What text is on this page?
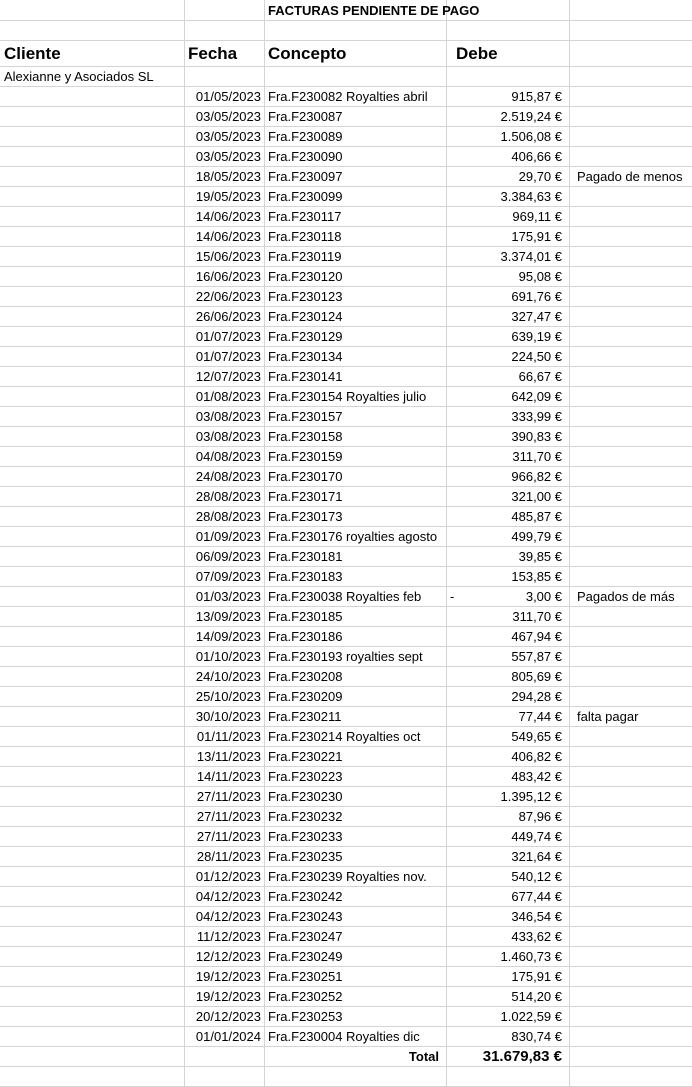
FACTURAS PENDIENTE DE PAGO
Cliente	Fecha	Concepto	Debe
Alexianne y Asociados SL
01/05/2023 Fra.F230082 Royalties abril	915,87 €
03/05/2023 Fra.F230087	2.519,24 €
03/05/2023 Fra.F230089	1.506,08 €
03/05/2023 Fra.F230090	406,66 €
18/05/2023 Fra.F230097	29,70 €	Pagado de menos
19/05/2023 Fra.F230099	3.384,63 €
14/06/2023 Fra.F230117	969,11 €
14/06/2023 Fra.F230118	175,91 €
15/06/2023 Fra.F230119	3.374,01 €
16/06/2023 Fra.F230120	95,08 €
22/06/2023 Fra.F230123	691,76 €
26/06/2023 Fra.F230124	327,47 €
01/07/2023 Fra.F230129	639,19 €
01/07/2023 Fra.F230134	224,50 €
12/07/2023 Fra.F230141	66,67 €
01/08/2023 Fra.F230154 Royalties julio	642,09 €
03/08/2023 Fra.F230157	333,99 €
03/08/2023 Fra.F230158	390,83 €
04/08/2023 Fra.F230159	311,70 €
24/08/2023 Fra.F230170	966,82 €
28/08/2023 Fra.F230171	321,00 €
28/08/2023 Fra.F230173	485,87 €
01/09/2023 Fra.F230176 royalties agosto	499,79 €
06/09/2023 Fra.F230181	39,85 €
07/09/2023 Fra.F230183	153,85 €
01/03/2023 Fra.F230038 Royalties feb	-	3,00 €	Pagados de más
13/09/2023 Fra.F230185	311,70 €
14/09/2023 Fra.F230186	467,94 €
01/10/2023 Fra.F230193 royalties sept	557,87 €
24/10/2023 Fra.F230208	805,69 €
25/10/2023 Fra.F230209	294,28 €
30/10/2023 Fra.F230211	77,44 €	falta pagar
01/11/2023 Fra.F230214 Royalties oct	549,65 €
13/11/2023 Fra.F230221	406,82 €
14/11/2023 Fra.F230223	483,42 €
27/11/2023 Fra.F230230	1.395,12 €
27/11/2023 Fra.F230232	87,96 €
27/11/2023 Fra.F230233	449,74 €
28/11/2023 Fra.F230235	321,64 €
01/12/2023 Fra.F230239 Royalties nov.	540,12 €
04/12/2023 Fra.F230242	677,44 €
04/12/2023 Fra.F230243	346,54 €
11/12/2023 Fra.F230247	433,62 €
12/12/2023 Fra.F230249	1.460,73 €
19/12/2023 Fra.F230251	175,91 €
19/12/2023 Fra.F230252	514,20 €
20/12/2023 Fra.F230253	1.022,59 €
01/01/2024 Fra.F230004 Royalties dic	830,74 €
Total	31.679,83 €
